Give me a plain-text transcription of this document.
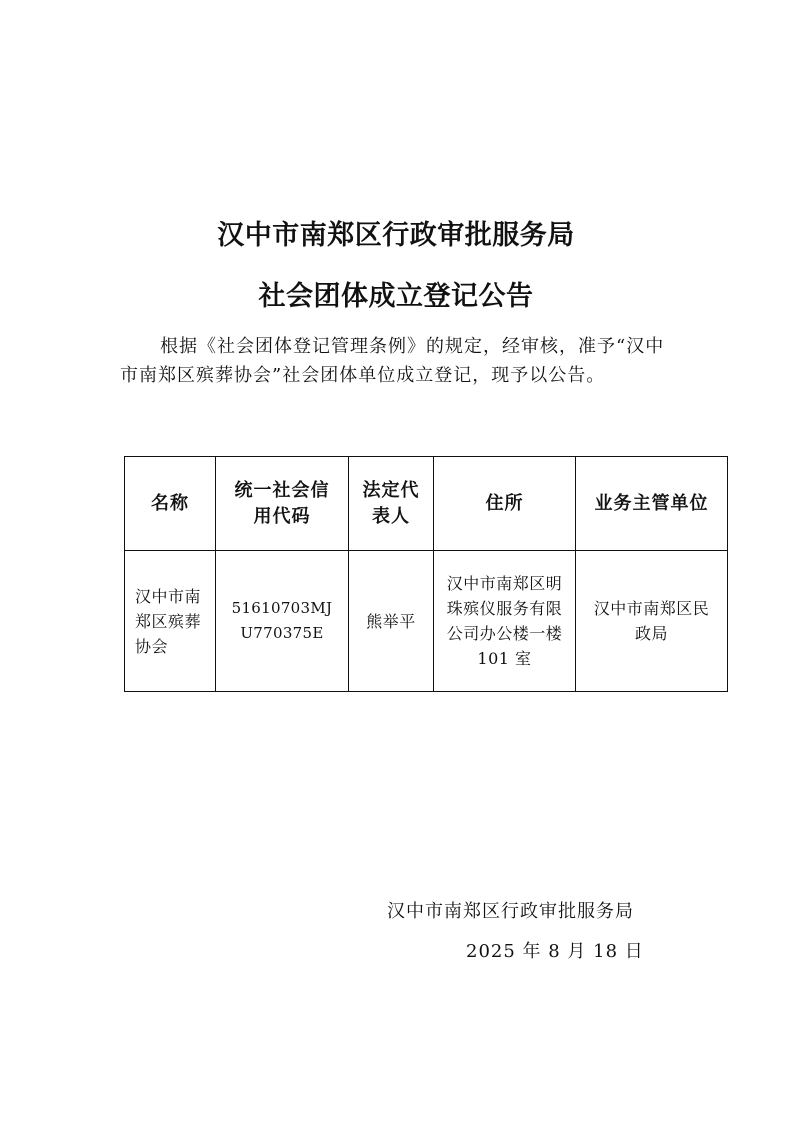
汉中市南郑区行政审批服务局
社会团体成立登记公告
根据《社会团体登记管理条例》的规定，经审核，准予“汉中市南郑区殡葬协会”社会团体单位成立登记，现予以公告。
名称	统一社会信用代码	法定代表人	住所	业务主管单位
汉中市南郑区殡葬协会	51610703MJU770375E	熊举平	汉中市南郑区明珠殡仪服务有限公司办公楼一楼 101 室	汉中市南郑区民政局
汉中市南郑区行政审批服务局
2025 年 8 月 18 日
